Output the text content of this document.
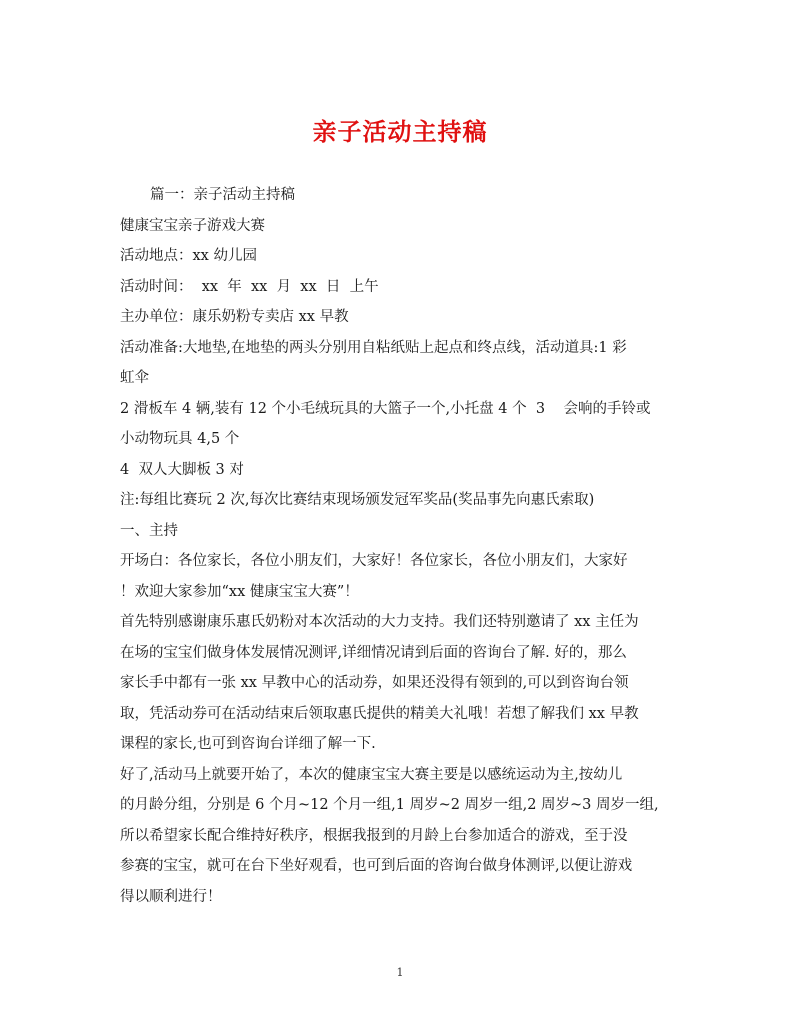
亲子活动主持稿
篇一：亲子活动主持稿
健康宝宝亲子游戏大赛
活动地点：xx 幼儿园
活动时间：  xx  年  xx  月  xx  日  上午
主办单位：康乐奶粉专卖店 xx 早教
活动准备:大地垫,在地垫的两头分别用自粘纸贴上起点和终点线，活动道具:1 彩
虹伞
2 滑板车 4 辆,装有 12 个小毛绒玩具的大篮子一个,小托盘 4 个  3    会响的手铃或
小动物玩具 4,5 个
4  双人大脚板 3 对
注:每组比赛玩 2 次,每次比赛结束现场颁发冠军奖品(奖品事先向惠氏索取)
一、主持
开场白：各位家长，各位小朋友们，大家好！各位家长，各位小朋友们，大家好
！欢迎大家参加“xx 健康宝宝大赛”！
首先特别感谢康乐惠氏奶粉对本次活动的大力支持。我们还特别邀请了 xx 主任为
在场的宝宝们做身体发展情况测评,详细情况请到后面的咨询台了解. 好的，那么
家长手中都有一张 xx 早教中心的活动券，如果还没得有领到的,可以到咨询台领
取，凭活动券可在活动结束后领取惠氏提供的精美大礼哦！若想了解我们 xx 早教
课程的家长,也可到咨询台详细了解一下.
好了,活动马上就要开始了，本次的健康宝宝大赛主要是以感统运动为主,按幼儿
的月龄分组，分别是 6 个月~12 个月一组,1 周岁~2 周岁一组,2 周岁~3 周岁一组,
所以希望家长配合维持好秩序，根据我报到的月龄上台参加适合的游戏，至于没
参赛的宝宝，就可在台下坐好观看，也可到后面的咨询台做身体测评,以便让游戏
得以顺利进行！
1
